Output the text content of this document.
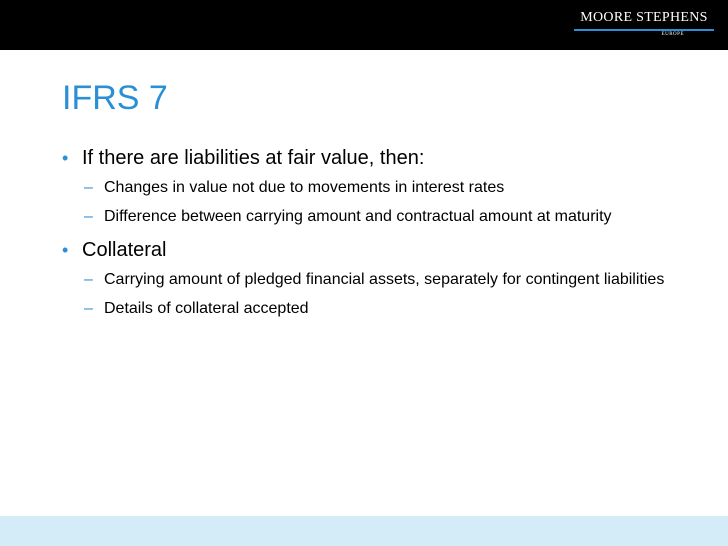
MOORE STEPHENS
EUROPE
IFRS 7
• If there are liabilities at fair value, then:
– Changes in value not due to movements in interest rates
– Difference between carrying amount and contractual amount at maturity
• Collateral
– Carrying amount of pledged financial assets, separately for contingent liabilities
– Details of collateral accepted
